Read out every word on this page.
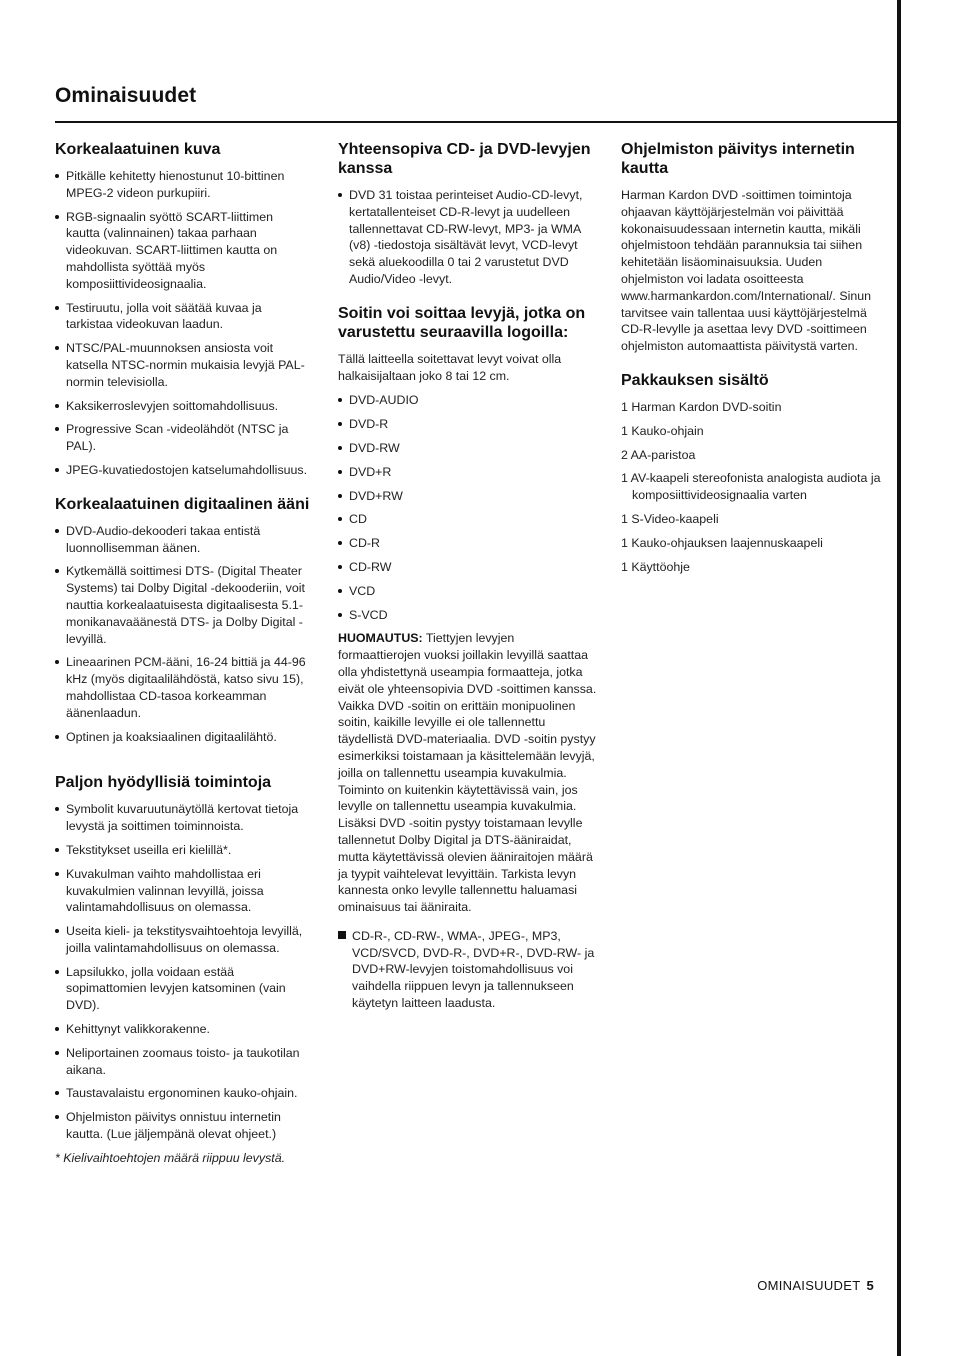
Ominaisuudet
Korkealaatuinen kuva
Pitkälle kehitetty hienostunut 10-bittinen MPEG-2 videon purkupiiri.
RGB-signaalin syöttö SCART-liittimen kautta (valinnainen) takaa parhaan videokuvan. SCART-liittimen kautta on mahdollista syöttää myös komposiittivideosignaalia.
Testiruutu, jolla voit säätää kuvaa ja tarkistaa videokuvan laadun.
NTSC/PAL-muunnoksen ansiosta voit katsella NTSC-normin mukaisia levyjä PAL-normin televisiolla.
Kaksikerroslevyjen soittomahdollisuus.
Progressive Scan -videolähdöt (NTSC ja PAL).
JPEG-kuvatiedostojen katselumahdollisuus.
Korkealaatuinen digitaalinen ääni
DVD-Audio-dekooderi takaa entistä luonnollisemman äänen.
Kytkemällä soittimesi DTS- (Digital Theater Systems) tai Dolby Digital -dekooderiin, voit nauttia korkealaatuisesta digitaalisesta 5.1-monikanavaäänestä DTS- ja Dolby Digital -levyillä.
Lineaarinen PCM-ääni, 16-24 bittiä ja 44-96 kHz (myös digitaalilähdöstä, katso sivu 15), mahdollistaa CD-tasoa korkeamman äänenlaadun.
Optinen ja koaksiaalinen digitaalilähtö.
Paljon hyödyllisiä toimintoja
Symbolit kuvaruutunäytöllä kertovat tietoja levystä ja soittimen toiminnoista.
Tekstitykset useilla eri kielillä*.
Kuvakulman vaihto mahdollistaa eri kuvakulmien valinnan levyillä, joissa valintamahdollisuus on olemassa.
Useita kieli- ja tekstitysvaihtoehtoja levyillä, joilla valintamahdollisuus on olemassa.
Lapsilukko, jolla voidaan estää sopimattomien levyjen katsominen (vain DVD).
Kehittynyt valikkorakenne.
Neliportainen zoomaus toisto- ja taukotilan aikana.
Taustavalaistu ergonominen kauko-ohjain.
Ohjelmiston päivitys onnistuu internetin kautta. (Lue jäljempänä olevat ohjeet.)

* Kielivaihtoehtojen määrä riippuu levystä.

Yhteensopiva CD- ja DVD-levyjen kanssa
DVD 31 toistaa perinteiset Audio-CD-levyt, kertatallenteiset CD-R-levyt ja uudelleen tallennettavat CD-RW-levyt, MP3- ja WMA (v8) -tiedostoja sisältävät levyt, VCD-levyt sekä aluekoodilla 0 tai 2 varustetut DVD Audio/Video -levyt.
Soitin voi soittaa levyjä, jotka on varustettu seuraavilla logoilla:

Tällä laitteella soitettavat levyt voivat olla halkaisijaltaan joko 8 tai 12 cm.

DVD-AUDIO
DVD-R
DVD-RW
DVD+R
DVD+RW
CD
CD-R
CD-RW
VCD
S-VCD

HUOMAUTUS: Tiettyjen levyjen formaattierojen vuoksi joillakin levyillä saattaa olla yhdistettynä useampia formaatteja, jotka eivät ole yhteensopivia DVD -soittimen kanssa. Vaikka DVD -soitin on erittäin monipuolinen soitin, kaikille levyille ei ole tallennettu täydellistä DVD-materiaalia. DVD -soitin pystyy esimerkiksi toistamaan ja käsittelemään levyjä, joilla on tallennettu useampia kuvakulmia. Toiminto on kuitenkin käytettävissä vain, jos levylle on tallennettu useampia kuvakulmia. Lisäksi DVD -soitin pystyy toistamaan levylle tallennetut Dolby Digital ja DTS-ääniraidat, mutta käytettävissä olevien ääniraitojen määrä ja tyypit vaihtelevat levyittäin. Tarkista levyn kannesta onko levylle tallennettu haluamasi ominaisuus tai ääniraita.

CD-R-, CD-RW-, WMA-, JPEG-, MP3, VCD/SVCD, DVD-R-, DVD+R-, DVD-RW- ja DVD+RW-levyjen toistomahdollisuus voi vaihdella riippuen levyn ja tallennukseen käytetyn laitteen laadusta.
Ohjelmiston päivitys internetin kautta

Harman Kardon DVD -soittimen toimintoja ohjaavan käyttöjärjestelmän voi päivittää kokonaisuudessaan internetin kautta, mikäli ohjelmistoon tehdään parannuksia tai siihen kehitetään lisäominaisuuksia. Uuden ohjelmiston voi ladata osoitteesta www.harmankardon.com/International/. Sinun tarvitsee vain tallentaa uusi käyttöjärjestelmä CD-R-levylle ja asettaa levy DVD -soittimeen ohjelmiston automaattista päivitystä varten.

Pakkauksen sisältö
1 Harman Kardon DVD-soitin
1 Kauko-ohjain
2 AA-paristoa
1 AV-kaapeli stereofonista analogista audiota ja komposiittivideosignaalia varten
1 S-Video-kaapeli
1 Kauko-ohjauksen laajennuskaapeli
1 Käyttöohje
OMINAISUUDET 5
